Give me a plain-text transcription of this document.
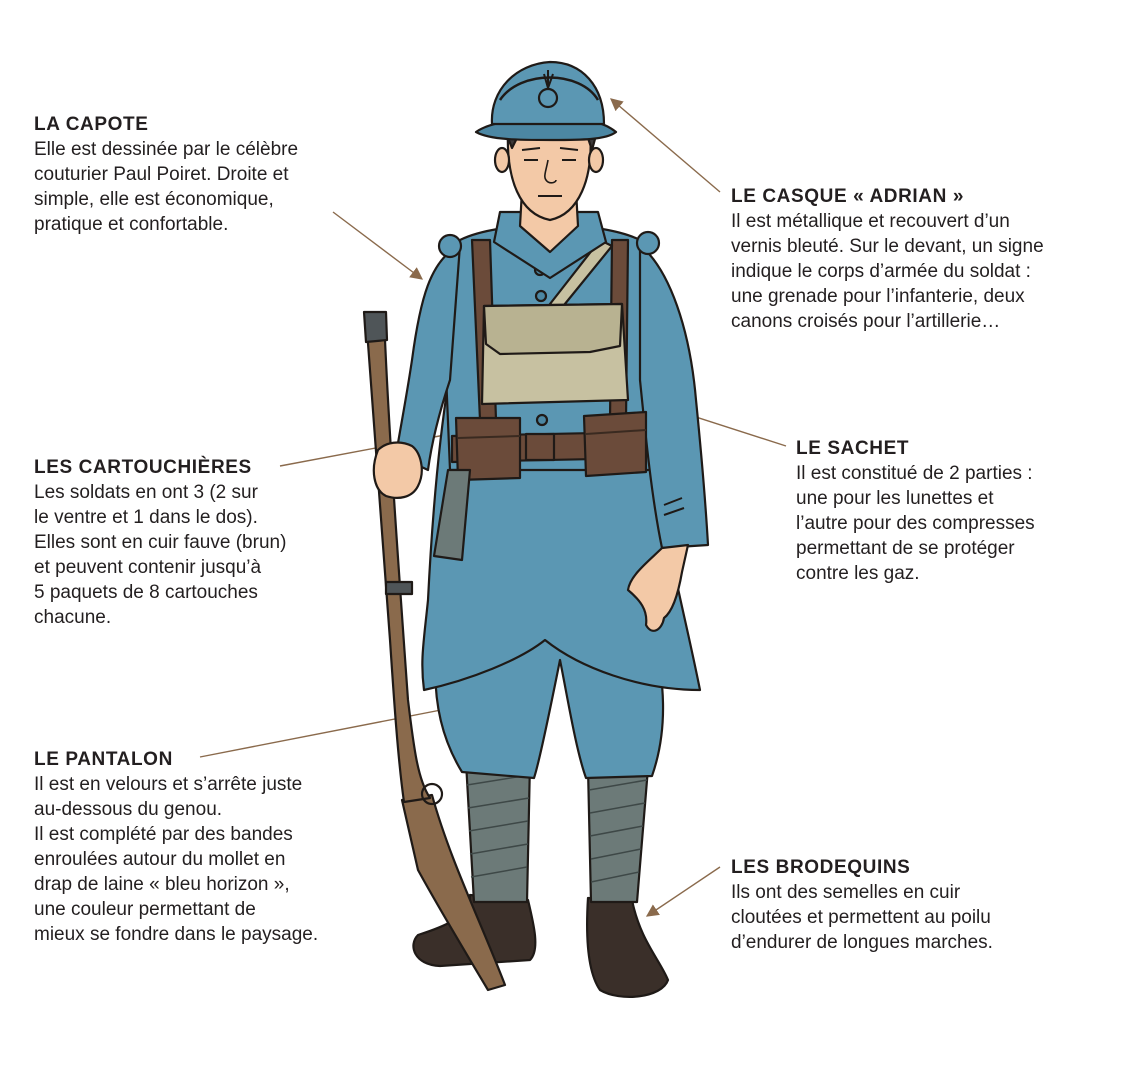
LA CAPOTE

Elle est dessinée par le célèbre

couturier Paul Poiret. Droite et

simple, elle est économique,

pratique et confortable.

LE CASQUE « ADRIAN »

Il est métallique et recouvert d’un

vernis bleuté. Sur le devant, un signe

indique le corps d’armée du soldat :

une grenade pour l’infanterie, deux

canons croisés pour l’artillerie…

LE SACHET

Il est constitué de 2 parties :

une pour les lunettes et

l’autre pour des compresses

permettant de se protéger

contre les gaz.

LES CARTOUCHIÈRES

Les soldats en ont 3 (2 sur

le ventre et 1 dans le dos).

Elles sont en cuir fauve (brun)

et peuvent contenir jusqu’à

5 paquets de 8 cartouches

chacune.

LE PANTALON

Il est en velours et s’arrête juste

au-dessous du genou.

Il est complété par des bandes

enroulées autour du mollet en

drap de laine « bleu horizon »,

une couleur permettant de

mieux se fondre dans le paysage.

LES BRODEQUINS

Ils ont des semelles en cuir

cloutées et permettent au poilu

d’endurer de longues marches.
